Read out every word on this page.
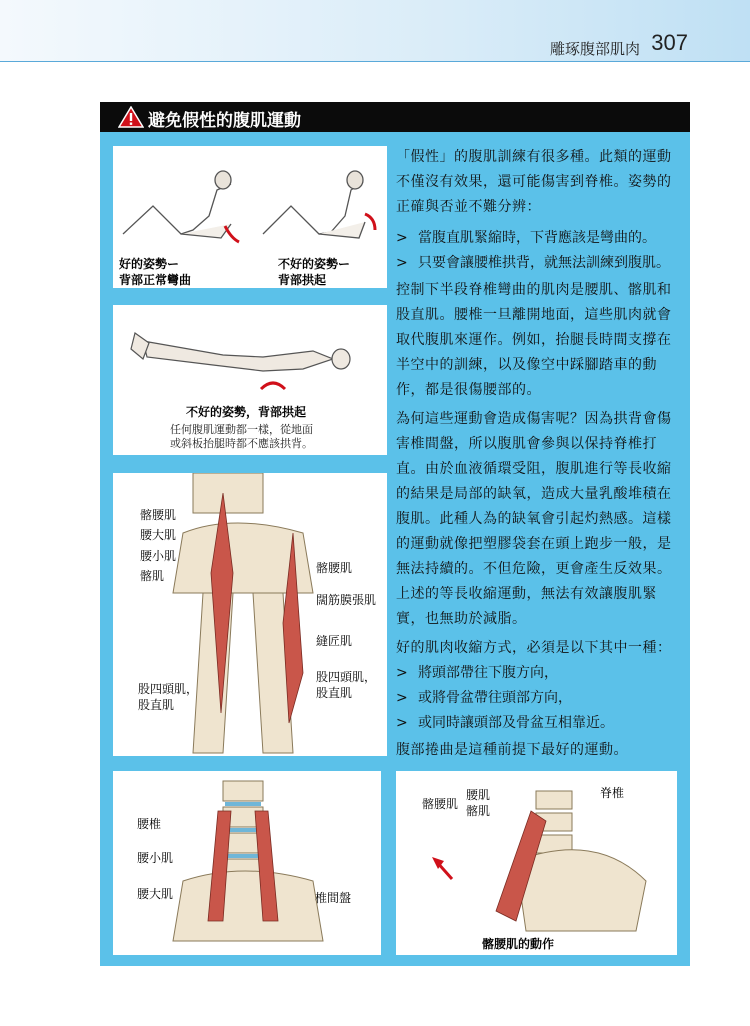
雕琢腹部肌肉 307
避免假性的腹肌運動
好的姿勢ー
背部正常彎曲
不好的姿勢ー
背部拱起
不好的姿勢，背部拱起
任何腹肌運動都一樣，從地面
或斜板抬腿時都不應該拱背。
髂腰肌
腰大肌
腰小肌
髂肌
股四頭肌，
股直肌
髂腰肌
闊筋膜張肌
縫匠肌
股四頭肌，
股直肌
腰椎
腰小肌
腰大肌	椎間盤
髂腰肌
腰肌
髂肌
脊椎
髂腰肌的動作
「假性」的腹肌訓練有很多種。此類的運動不僅沒有效果，還可能傷害到脊椎。姿勢的正確與否並不難分辨：
> 當腹直肌緊縮時，下背應該是彎曲的。
> 只要會讓腰椎拱背，就無法訓練到腹肌。
控制下半段脊椎彎曲的肌肉是腰肌、髂肌和股直肌。腰椎一旦離開地面，這些肌肉就會取代腹肌來運作。例如，抬腿長時間支撐在半空中的訓練，以及像空中踩腳踏車的動作，都是很傷腰部的。
為何這些運動會造成傷害呢？因為拱背會傷害椎間盤，所以腹肌會參與以保持脊椎打直。由於血液循環受阻，腹肌進行等長收縮的結果是局部的缺氧，造成大量乳酸堆積在腹肌。此種人為的缺氧會引起灼熱感。這樣的運動就像把塑膠袋套在頭上跑步一般，是無法持續的。不但危險，更會產生反效果。上述的等長收縮運動，無法有效讓腹肌緊實，也無助於減脂。
好的肌肉收縮方式，必須是以下其中一種：
> 將頭部帶往下腹方向，
> 或將骨盆帶往頭部方向，
> 或同時讓頭部及骨盆互相靠近。
腹部捲曲是這種前提下最好的運動。
